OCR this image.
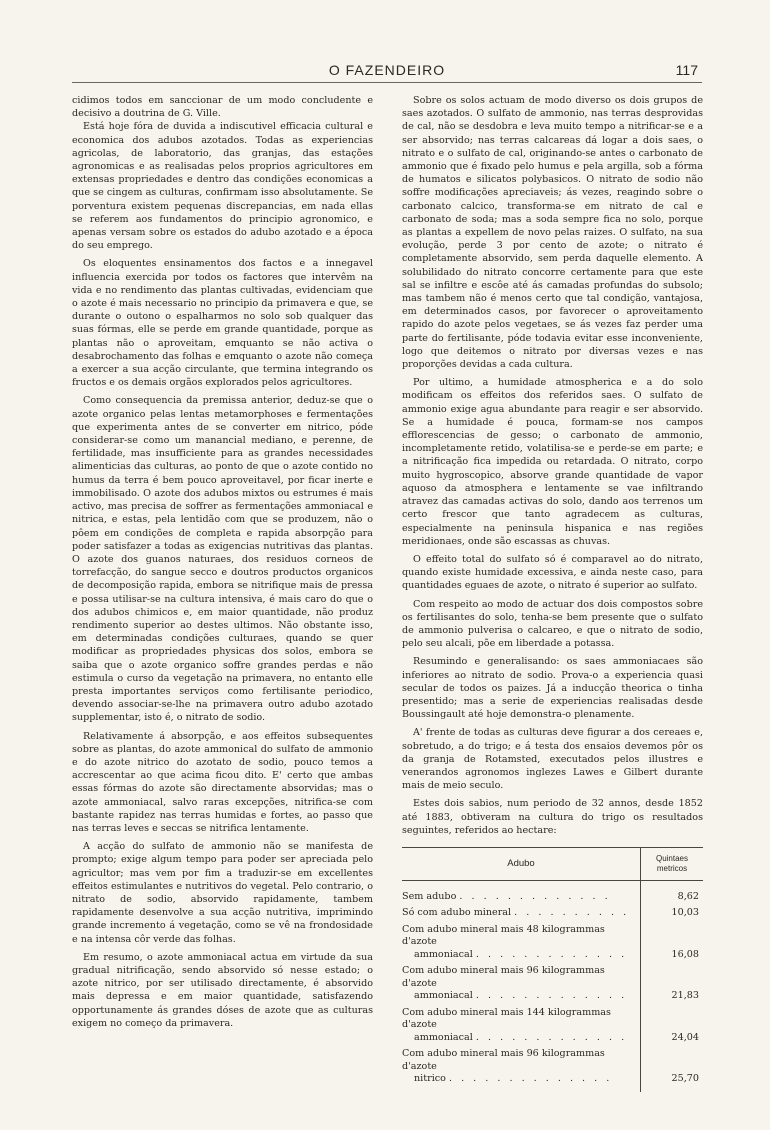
O FAZENDEIRO	117

cidimos todos em sanccionar de um modo concludente e decisivo a doutrina de G. Ville.

Está hoje fóra de duvida a indiscutivel efficacia cultural e economica dos adubos azotados. Todas as experiencias agricolas, de laboratorio, das granjas, das estações agronomicas e as realisadas pelos proprios agricultores em extensas propriedades e dentro das condições economicas a que se cingem as culturas, confirmam isso absolutamente. Se porventura existem pequenas discrepancias, em nada ellas se referem aos fundamentos do principio agronomico, e apenas versam sobre os estados do adubo azotado e a época do seu emprego.

Os eloquentes ensinamentos dos factos e a innegavel influencia exercida por todos os factores que intervêm na vida e no rendimento das plantas cultivadas, evidenciam que o azote é mais necessario no principio da primavera e que, se durante o outono o espalharmos no solo sob qualquer das suas fórmas, elle se perde em grande quantidade, porque as plantas não o aproveitam, emquanto se não activa o desabrochamento das folhas e emquanto o azote não começa a exercer a sua acção circulante, que termina integrando os fructos e os demais orgãos explorados pelos agricultores.

Como consequencia da premissa anterior, deduz-se que o azote organico pelas lentas metamorphoses e fermentações que experimenta antes de se converter em nitrico, póde considerar-se como um manancial mediano, e perenne, de fertilidade, mas insufficiente para as grandes necessidades alimenticias das culturas, ao ponto de que o azote contido no humus da terra é bem pouco aproveitavel, por ficar inerte e immobilisado. O azote dos adubos mixtos ou estrumes é mais activo, mas precisa de soffrer as fermentações ammoniacal e nitrica, e estas, pela lentidão com que se produzem, não o pôem em condições de completa e rapida absorpção para poder satisfazer a todas as exigencias nutritivas das plantas. O azote dos guanos naturaes, dos residuos corneos de torrefacção, do sangue secco e doutros productos organicos de decomposição rapida, embora se nitrifique mais de pressa e possa utilisar-se na cultura intensiva, é mais caro do que o dos adubos chimicos e, em maior quantidade, não produz rendimento superior ao destes ultimos. Não obstante isso, em determinadas condições culturaes, quando se quer modificar as propriedades physicas dos solos, embora se saiba que o azote organico soffre grandes perdas e não estimula o curso da vegetação na primavera, no entanto elle presta importantes serviços como fertilisante periodico, devendo associar-se-lhe na primavera outro adubo azotado supplementar, isto é, o nitrato de sodio.

Relativamente á absorpção, e aos effeitos subsequentes sobre as plantas, do azote ammonical do sulfato de ammonio e do azote nitrico do azotato de sodio, pouco temos a accrescentar ao que acima ficou dito. E' certo que ambas essas fórmas do azote são directamente absorvidas; mas o azote ammoniacal, salvo raras excepções, nitrifica-se com bastante rapidez nas terras humidas e fortes, ao passo que nas terras leves e seccas se nitrifica lentamente.

A acção do sulfato de ammonio não se manifesta de prompto; exige algum tempo para poder ser apreciada pelo agricultor; mas vem por fim a traduzir-se em excellentes effeitos estimulantes e nutritivos do vegetal. Pelo contrario, o nitrato de sodio, absorvido rapidamente, tambem rapidamente desenvolve a sua acção nutritiva, imprimindo grande incremento á vegetação, como se vê na frondosidade e na intensa côr verde das folhas.

Em resumo, o azote ammoniacal actua em virtude da sua gradual nitrificação, sendo absorvido só nesse estado; o azote nitrico, por ser utilisado directamente, é absorvido mais depressa e em maior quantidade, satisfazendo opportunamente ás grandes dóses de azote que as culturas exigem no começo da primavera.

Sobre os solos actuam de modo diverso os dois grupos de saes azotados. O sulfato de ammonio, nas terras desprovidas de cal, não se desdobra e leva muito tempo a nitrificar-se e a ser absorvido; nas terras calcareas dá logar a dois saes, o nitrato e o sulfato de cal, originando-se antes o carbonato de ammonio que é fixado pelo humus e pela argilla, sob a fórma de humatos e silicatos polybasicos. O nitrato de sodio não soffre modificações apreciaveis; ás vezes, reagindo sobre o carbonato calcico, transforma-se em nitrato de cal e carbonato de soda; mas a soda sempre fica no solo, porque as plantas a expellem de novo pelas raizes. O sulfato, na sua evolução, perde 3 por cento de azote; o nitrato é completamente absorvido, sem perda daquelle elemento. A solubilidado do nitrato concorre certamente para que este sal se infiltre e escôe até ás camadas profundas do subsolo; mas tambem não é menos certo que tal condição, vantajosa, em determinados casos, por favorecer o aproveitamento rapido do azote pelos vegetaes, se ás vezes faz perder uma parte do fertilisante, póde todavia evitar esse inconveniente, logo que deitemos o nitrato por diversas vezes e nas proporções devidas a cada cultura.

Por ultimo, a humidade atmospherica e a do solo modificam os effeitos dos referidos saes. O sulfato de ammonio exige agua abundante para reagir e ser absorvido. Se a humidade é pouca, formam-se nos campos efflorescencias de gesso; o carbonato de ammonio, incompletamente retido, volatilisa-se e perde-se em parte; e a nitrificação fica impedida ou retardada. O nitrato, corpo muito hygroscopico, absorve grande quantidade de vapor aquoso da atmosphera e lentamente se vae infiltrando atravez das camadas activas do solo, dando aos terrenos um certo frescor que tanto agradecem as culturas, especialmente na peninsula hispanica e nas regiões meridionaes, onde são escassas as chuvas.

O effeito total do sulfato só é comparavel ao do nitrato, quando existe humidade excessiva, e ainda neste caso, para quantidades eguaes de azote, o nitrato é superior ao sulfato.

Com respeito ao modo de actuar dos dois compostos sobre os fertilisantes do solo, tenha-se bem presente que o sulfato de ammonio pulverisa o calcareo, e que o nitrato de sodio, pelo seu alcali, põe em liberdade a potassa.

Resumindo e generalisando: os saes ammoniacaes são inferiores ao nitrato de sodio. Prova-o a experiencia quasi secular de todos os paizes. Já a inducção theorica o tinha presentido; mas a serie de experiencias realisadas desde Boussingault até hoje demonstra-o plenamente.

A' frente de todas as culturas deve figurar a dos cereaes e, sobretudo, a do trigo; e á testa dos ensaios devemos pôr os da granja de Rotamsted, executados pelos illustres e venerandos agronomos inglezes Lawes e Gilbert durante mais de meio seculo.

Estes dois sabios, num periodo de 32 annos, desde 1852 até 1883, obtiveram na cultura do trigo os resultados seguintes, referidos ao hectare:

Adubo	Quintaes metricos
Sem adubo . . . . . . . . . . . . .	8,62
Só com adubo mineral . . . . . . . . . .	10,03
Com adubo mineral mais 48 kilogrammas d'azote
ammoniacal . . . . . . . . . . . . .	16,08
Com adubo mineral mais 96 kilogrammas d'azote
ammoniacal . . . . . . . . . . . . .	21,83
Com adubo mineral mais 144 kilogrammas d'azote
ammoniacal . . . . . . . . . . . . .	24,04
Com adubo mineral mais 96 kilogrammas d'azote
nitrico . . . . . . . . . . . . . .	25,70
